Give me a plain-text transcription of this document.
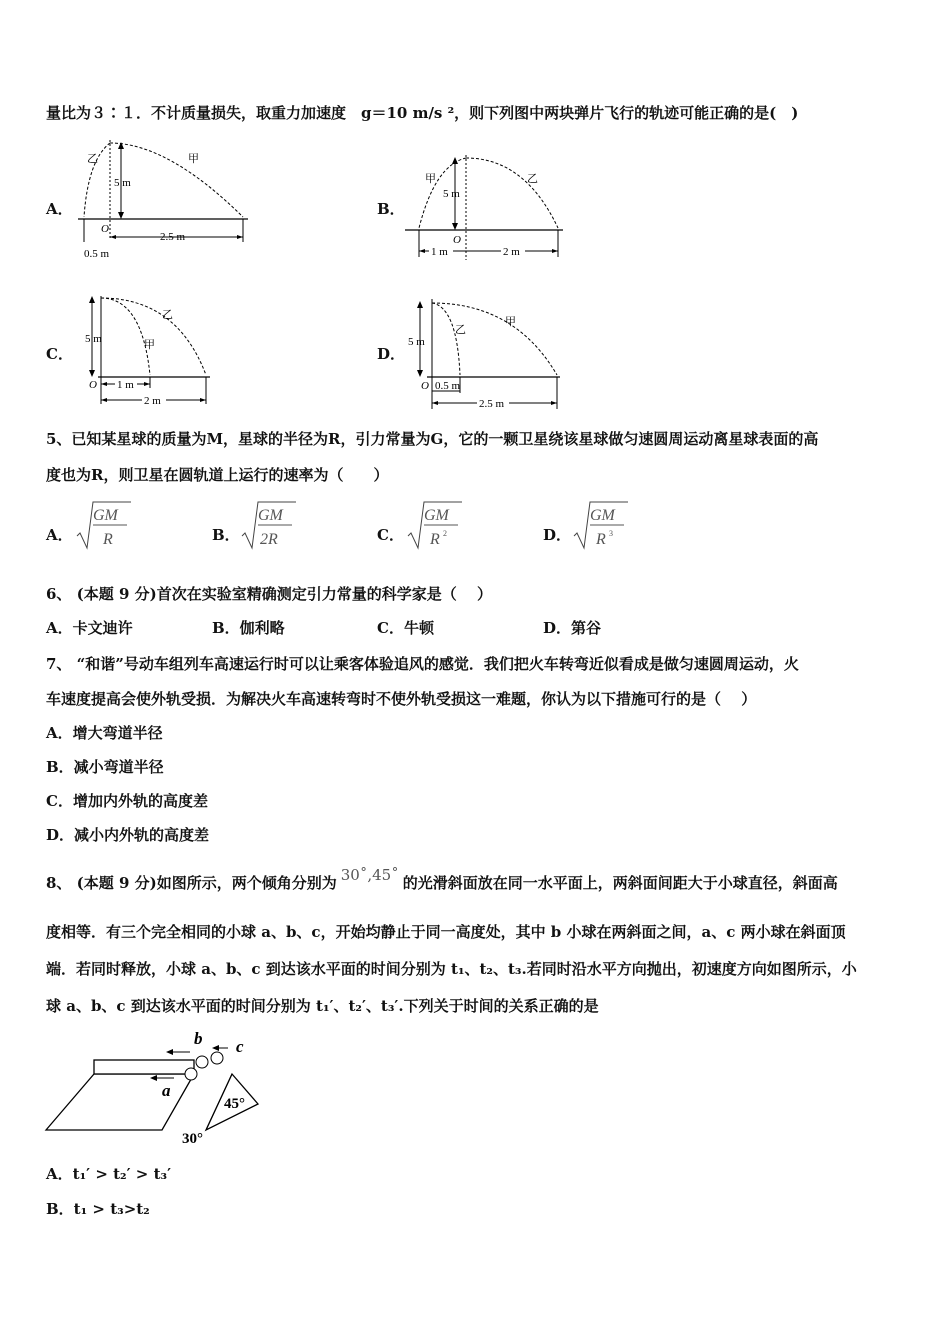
量比为３∶１．不计质量损失，取重力加速度　g＝10 m/s ²，则下列图中两块弹片飞行的轨迹可能正确的是(　)
A．
5 m
乙	甲
O
2.5 m
0.5 m
B．
5 m
甲	乙
O
1 m	2 m
C．
5 m	甲
乙
O 1 m
2 m
D．
5 m
乙
甲
O 0.5 m
2.5 m
5、已知某星球的质量为M，星球的半径为R，引力常量为G，它的一颗卫星绕该星球做匀速圆周运动离星球表面的高
度也为R，则卫星在圆轨道上运行的速率为（　　）
A．
GM
R	B．
GM
2R	C．
GM
R 2	D．
GM
R 3
6、 (本题 9 分)首次在实验室精确测定引力常量的科学家是（　 ）
A．卡文迪许	B．伽利略	C．牛顿	D．第谷
7、 “和谐”号动车组列车高速运行时可以让乘客体验追风的感觉．我们把火车转弯近似看成是做匀速圆周运动，火
车速度提高会使外轨受损．为解决火车高速转弯时不使外轨受损这一难题，你认为以下措施可行的是（　 ）
A．增大弯道半径
B．减小弯道半径
C．增加内外轨的高度差
D．减小内外轨的高度差
8、 (本题 9 分)如图所示，两个倾角分别为 30˚,45˚ 的光滑斜面放在同一水平面上，两斜面间距大于小球直径，斜面高
度相等．有三个完全相同的小球 a、b、c，开始均静止于同一高度处，其中 b 小球在两斜面之间，a、c 两小球在斜面顶
端．若同时释放，小球 a、b、c 到达该水平面的时间分别为 t₁、t₂、t₃.若同时沿水平方向抛出，初速度方向如图所示，小
球 a、b、c 到达该水平面的时间分别为 t₁′、t₂′、t₃′.下列关于时间的关系正确的是
a
b c
30°
45°
A．t₁′ > t₂′ > t₃′
B．t₁ > t₃>t₂
